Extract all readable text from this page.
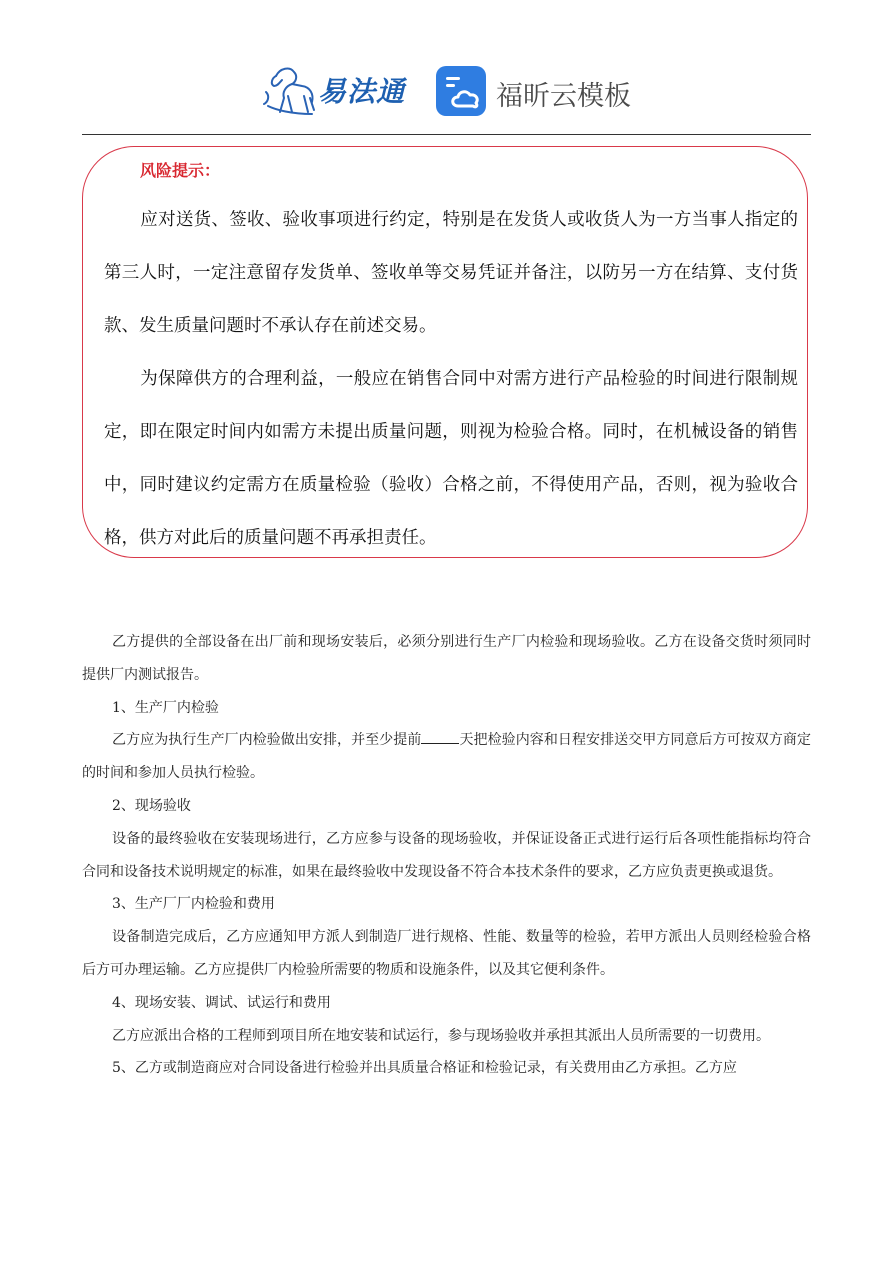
易法通	福昕云模板
风险提示：

应对送货、签收、验收事项进行约定，特别是在发货人或收货人为一方当事人指定的第三人时，一定注意留存发货单、签收单等交易凭证并备注，以防另一方在结算、支付货款、发生质量问题时不承认存在前述交易。

为保障供方的合理利益，一般应在销售合同中对需方进行产品检验的时间进行限制规定，即在限定时间内如需方未提出质量问题，则视为检验合格。同时，在机械设备的销售中，同时建议约定需方在质量检验（验收）合格之前，不得使用产品，否则，视为验收合格，供方对此后的质量问题不再承担责任。

乙方提供的全部设备在出厂前和现场安装后，必须分别进行生产厂内检验和现场验收。乙方在设备交货时须同时提供厂内测试报告。

1、生产厂内检验

乙方应为执行生产厂内检验做出安排，并至少提前	天把检验内容和日程安排送交甲方同意后方可按双方商定的时间和参加人员执行检验。

2、现场验收

设备的最终验收在安装现场进行，乙方应参与设备的现场验收，并保证设备正式进行运行后各项性能指标均符合合同和设备技术说明规定的标准，如果在最终验收中发现设备不符合本技术条件的要求，乙方应负责更换或退货。

3、生产厂厂内检验和费用

设备制造完成后，乙方应通知甲方派人到制造厂进行规格、性能、数量等的检验，若甲方派出人员则经检验合格后方可办理运输。乙方应提供厂内检验所需要的物质和设施条件，以及其它便利条件。

4、现场安装、调试、试运行和费用

乙方应派出合格的工程师到项目所在地安装和试运行，参与现场验收并承担其派出人员所需要的一切费用。

5、乙方或制造商应对合同设备进行检验并出具质量合格证和检验记录，有关费用由乙方承担。乙方应
